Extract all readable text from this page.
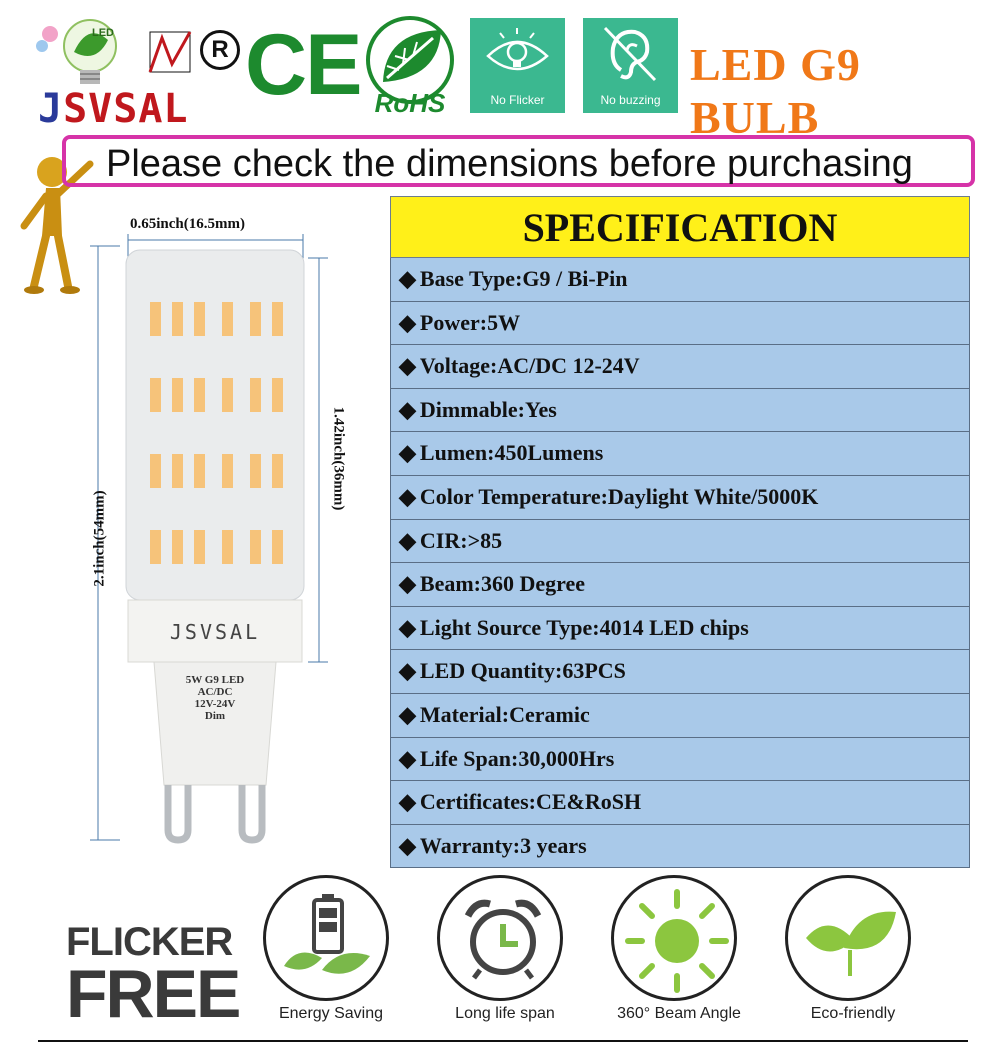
LED
R
JSVSAL CE RoHS	No Flicker	No buzzing
LED G9 BULB
Please check the dimensions before purchasing
0.65inch(16.5mm)
2.1inch(54mm)
1.42inch(36mm)
JSVSAL
5W G9 LED
AC/DC
12V-24V
Dim
SPECIFICATION
◆ Base Type:G9 / Bi-Pin
◆ Power:5W
◆ Voltage:AC/DC 12-24V
◆ Dimmable:Yes
◆ Lumen:450Lumens
◆ Color Temperature:Daylight White/5000K
◆ CIR:>85
◆ Beam:360 Degree
◆ Light Source Type:4014 LED chips
◆ LED Quantity:63PCS
◆ Material:Ceramic
◆ Life Span:30,000Hrs
◆ Certificates:CE&RoSH
◆ Warranty:3 years
FLICKER
FREE	Energy Saving	Long life span	360° Beam Angle	Eco-friendly
